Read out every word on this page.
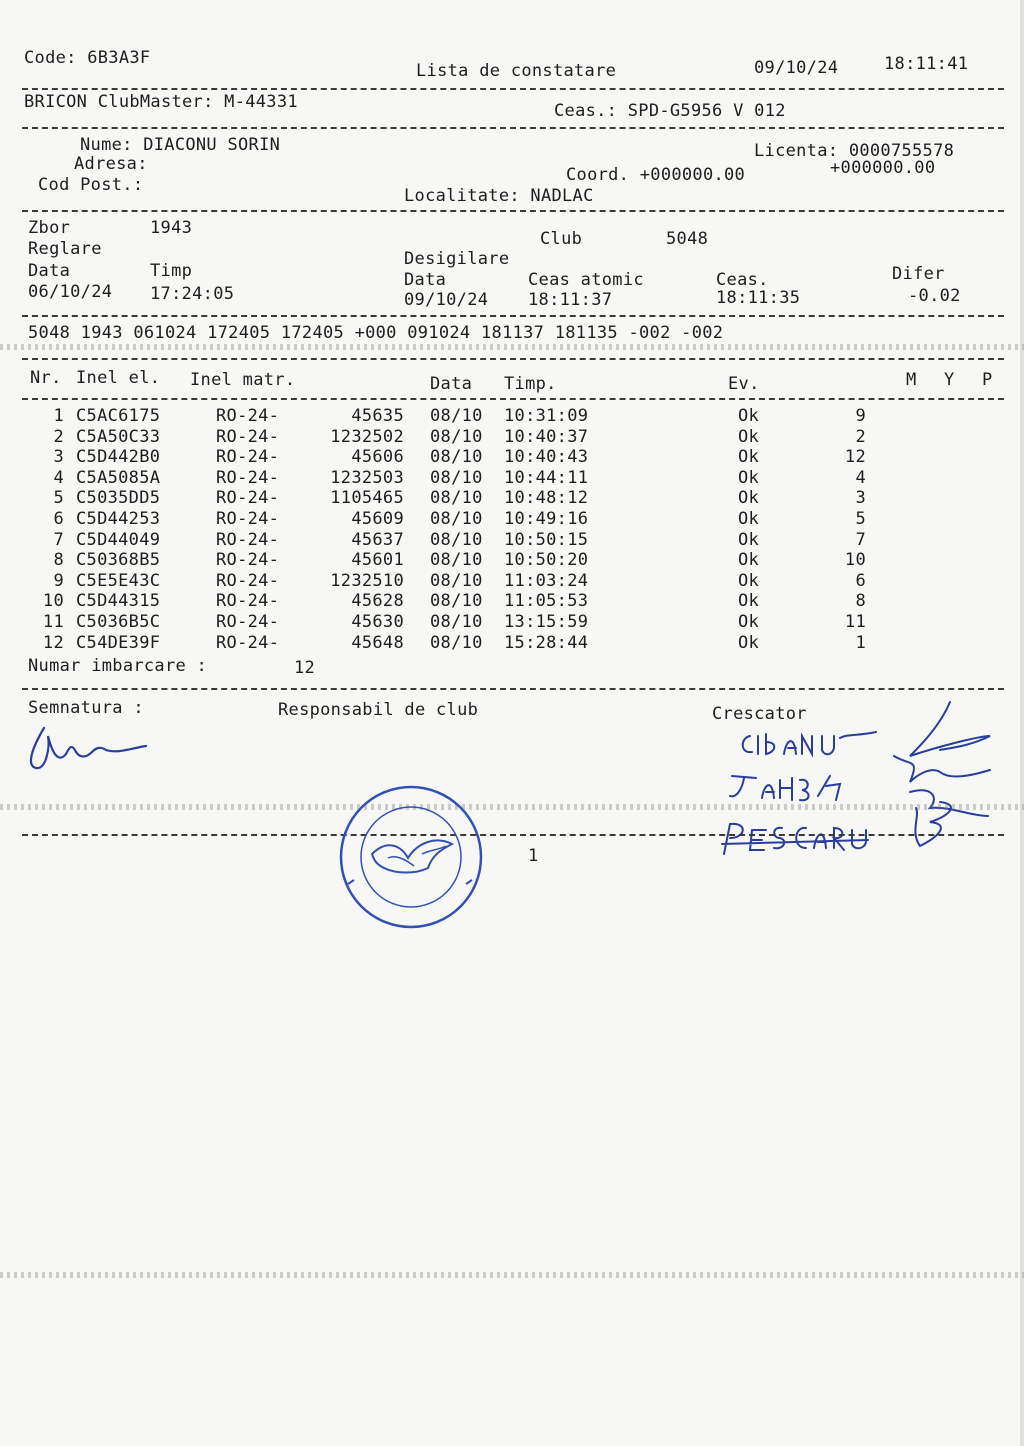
Code: 6B3A3F
Lista de constatare	09/10/24	18:11:41
BRICON ClubMaster: M-44331	Ceas.: SPD-G5956 V 012
Nume: DIACONU SORIN
Adresa:
Cod Post.:
Licenta: 0000755578
Coord. +000000.00	+000000.00
Localitate: NADLAC
Zbor	1943
Club	5048
Reglare	Desigilare
Data	Timp	Data	Ceas atomic	Ceas.	Difer
06/10/24 17:24:05	09/10/24 18:11:37	18:11:35	-0.02
5048 1943 061024 172405 172405 +000 091024 181137 181135 -002 -002
Nr. Inel el. Inel matr.	Data Timp.	Ev.	M Y P
1 C5AC6175	RO-24-	45635 08/10	10:31:09	Ok	9
2 C5A50C33	RO-24-	1232502 08/10	10:40:37	Ok	2
3 C5D442B0	RO-24-	45606 08/10	10:40:43	Ok	12
4 C5A5085A	RO-24-	1232503 08/10	10:44:11	Ok	4
5 C5035DD5	RO-24-	1105465 08/10	10:48:12	Ok	3
6 C5D44253	RO-24-	45609 08/10	10:49:16	Ok	5
7 C5D44049	RO-24-	45637 08/10	10:50:15	Ok	7
8 C50368B5	RO-24-	45601 08/10	10:50:20	Ok	10
9 C5E5E43C	RO-24-	1232510 08/10	11:03:24	Ok	6
10 C5D44315	RO-24-	45628 08/10	11:05:53	Ok	8
11 C5036B5C	RO-24-	45630 08/10	13:15:59	Ok	11
12 C54DE39F	RO-24-	45648 08/10	15:28:44	Ok	1
Numar imbarcare :	12
Semnatura :	Responsabil de club	Crescator
1
